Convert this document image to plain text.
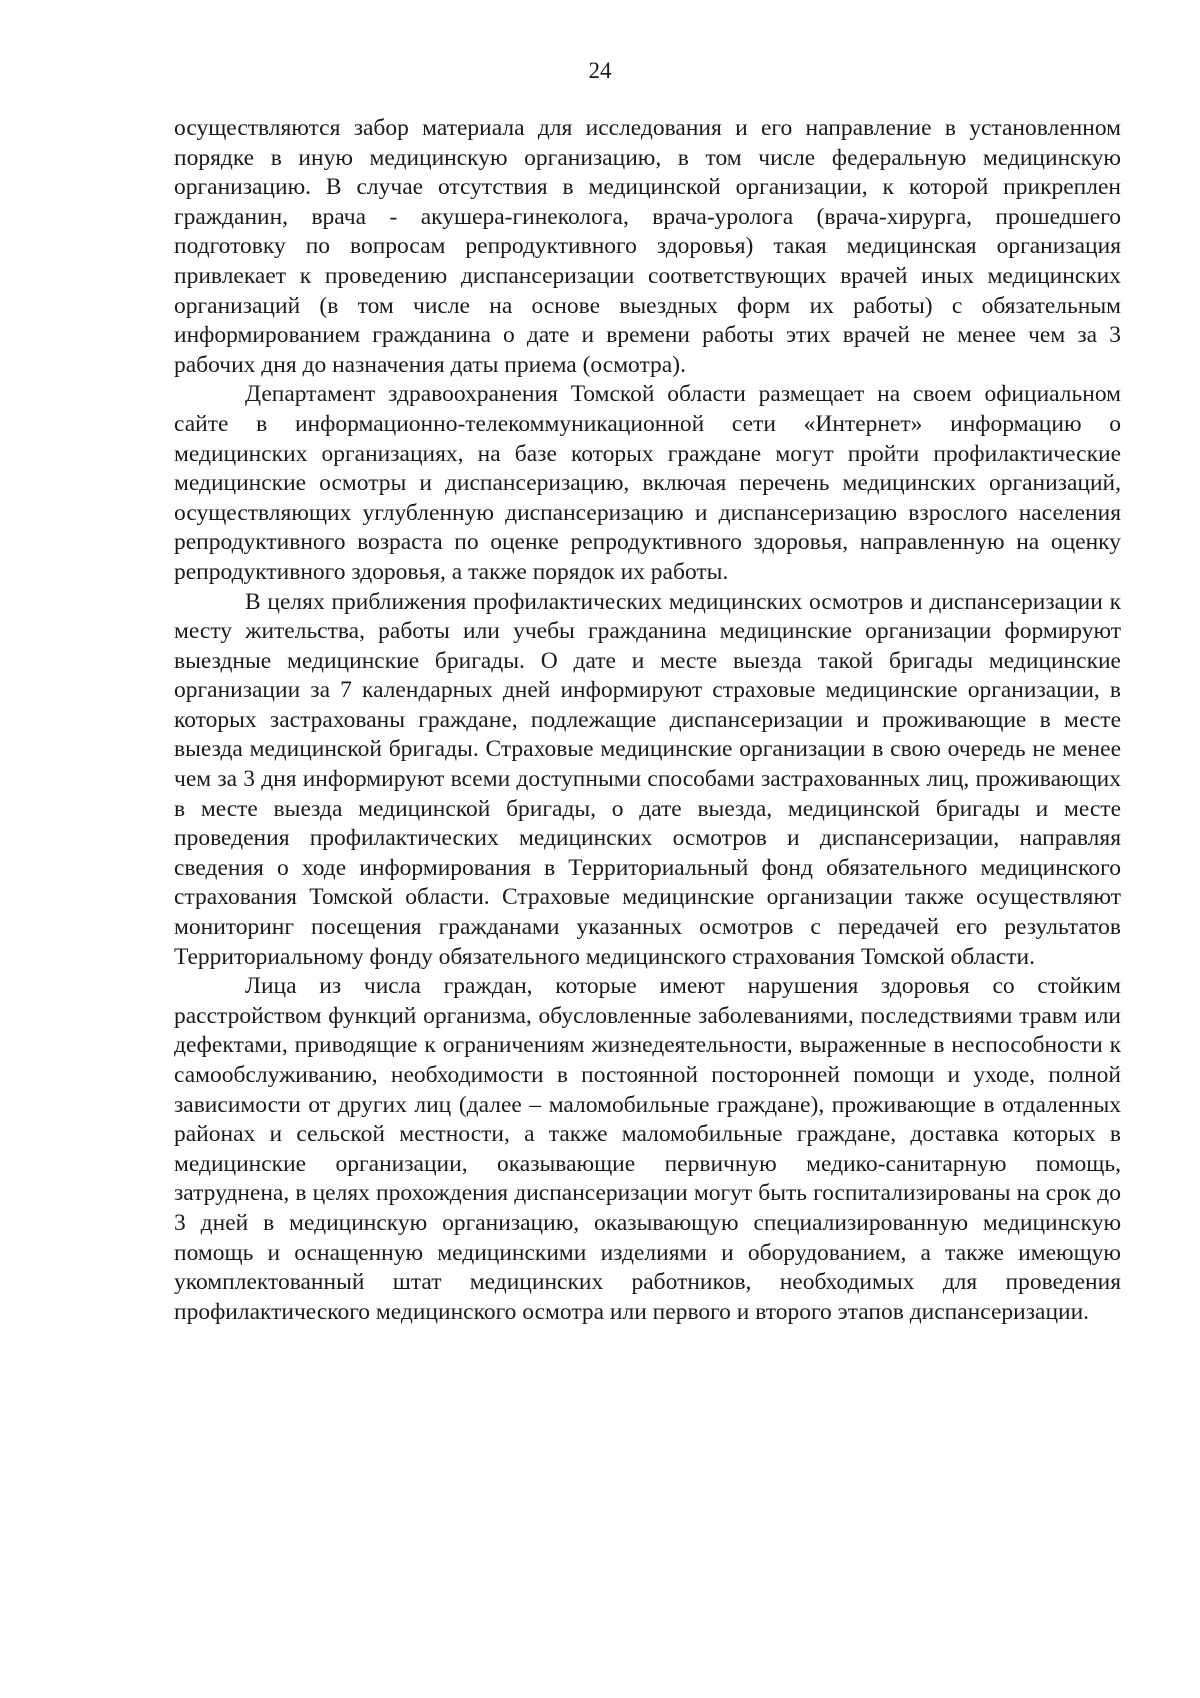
24

осуществляются забор материала для исследования и его направление в установленном порядке в иную медицинскую организацию, в том числе федеральную медицинскую организацию. В случае отсутствия в медицинской организации, к которой прикреплен гражданин, врача - акушера-гинеколога, врача-уролога (врача-хирурга, прошедшего подготовку по вопросам репродуктивного здоровья) такая медицинская организация привлекает к проведению диспансеризации соответствующих врачей иных медицинских организаций (в том числе на основе выездных форм их работы) с обязательным информированием гражданина о дате и времени работы этих врачей не менее чем за 3 рабочих дня до назначения даты приема (осмотра).

Департамент здравоохранения Томской области размещает на своем официальном сайте в информационно-телекоммуникационной сети «Интернет» информацию о медицинских организациях, на базе которых граждане могут пройти профилактические медицинские осмотры и диспансеризацию, включая перечень медицинских организаций, осуществляющих углубленную диспансеризацию и диспансеризацию взрослого населения репродуктивного возраста по оценке репродуктивного здоровья, направленную на оценку репродуктивного здоровья, а также порядок их работы.

В целях приближения профилактических медицинских осмотров и диспансеризации к месту жительства, работы или учебы гражданина медицинские организации формируют выездные медицинские бригады. О дате и месте выезда такой бригады медицинские организации за 7 календарных дней информируют страховые медицинские организации, в которых застрахованы граждане, подлежащие диспансеризации и проживающие в месте выезда медицинской бригады. Страховые медицинские организации в свою очередь не менее чем за 3 дня информируют всеми доступными способами застрахованных лиц, проживающих в месте выезда медицинской бригады, о дате выезда, медицинской бригады и месте проведения профилактических медицинских осмотров и диспансеризации, направляя сведения о ходе информирования в Территориальный фонд обязательного медицинского страхования Томской области. Страховые медицинские организации также осуществляют мониторинг посещения гражданами указанных осмотров с передачей его результатов Территориальному фонду обязательного медицинского страхования Томской области.

Лица из числа граждан, которые имеют нарушения здоровья со стойким расстройством функций организма, обусловленные заболеваниями, последствиями травм или дефектами, приводящие к ограничениям жизнедеятельности, выраженные в неспособности к самообслуживанию, необходимости в постоянной посторонней помощи и уходе, полной зависимости от других лиц (далее – маломобильные граждане), проживающие в отдаленных районах и сельской местности, а также маломобильные граждане, доставка которых в медицинские организации, оказывающие первичную медико-санитарную помощь, затруднена, в целях прохождения диспансеризации могут быть госпитализированы на срок до 3 дней в медицинскую организацию, оказывающую специализированную медицинскую помощь и оснащенную медицинскими изделиями и оборудованием, а также имеющую укомплектованный штат медицинских работников, необходимых для проведения профилактического медицинского осмотра или первого и второго этапов диспансеризации.
